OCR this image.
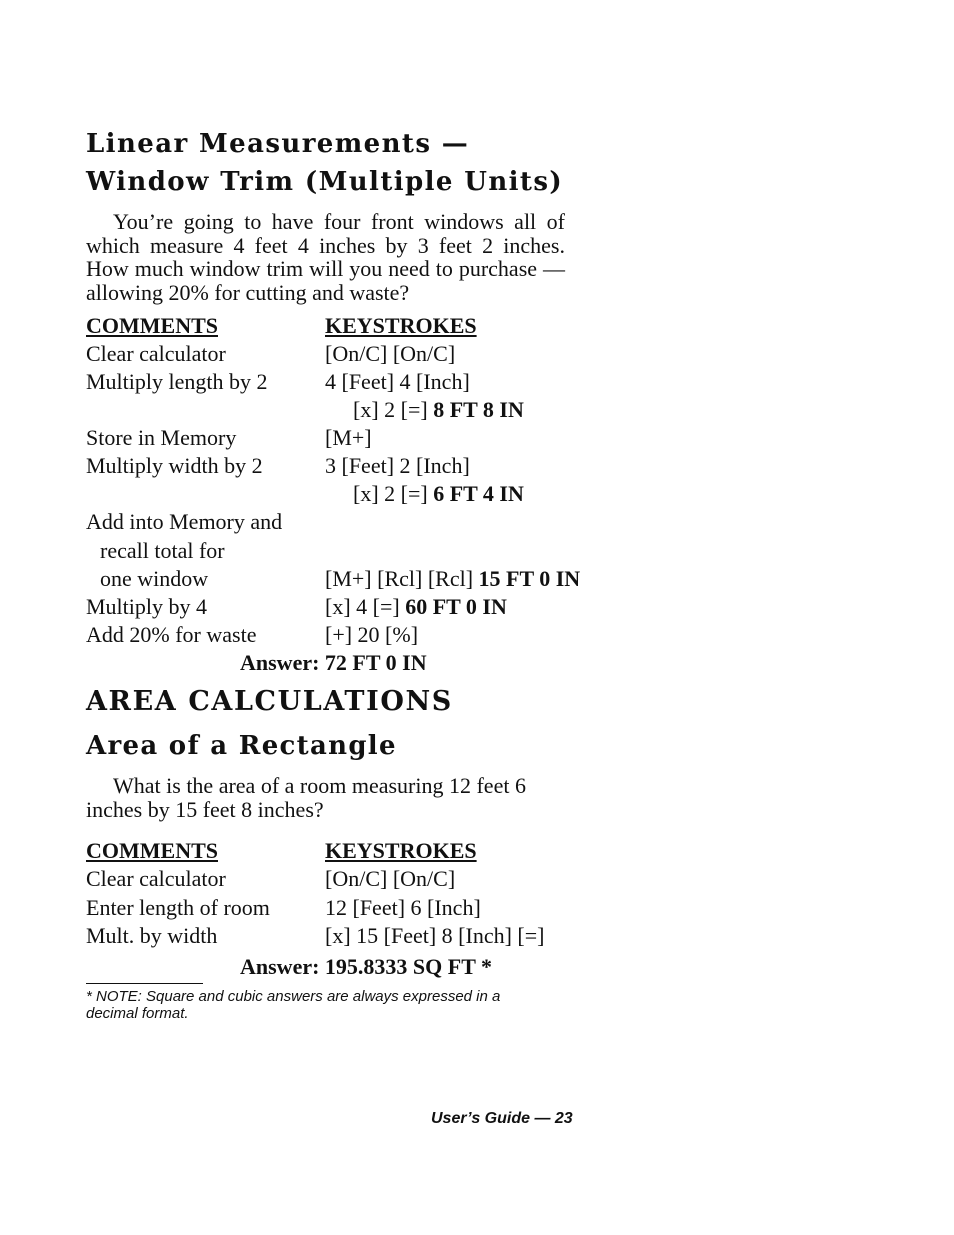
Linear Measurements —
Window Trim (Multiple Units)
You’re going to have four front windows all of which measure 4 feet 4 inches by 3 feet 2 inches. How much window trim will you need to purchase — allowing 20% for cutting and waste?
COMMENTS	KEYSTROKES
Clear calculator	[On/C] [On/C]
Multiply length by 2	4 [Feet] 4 [Inch]
[x] 2 [=] 8 FT 8 IN
Store in Memory	[M+]
Multiply width by 2	3 [Feet] 2 [Inch]
[x] 2 [=] 6 FT 4 IN
Add into Memory and
recall total for
one window	[M+] [Rcl] [Rcl] 15 FT 0 IN
Multiply by 4	[x] 4 [=] 60 FT 0 IN
Add 20% for waste	[+] 20 [%]
Answer: 72 FT 0 IN
AREA CALCULATIONS
Area of a Rectangle
What is the area of a room measuring 12 feet 6 inches by 15 feet 8 inches?
COMMENTS	KEYSTROKES
Clear calculator	[On/C] [On/C]
Enter length of room	12 [Feet] 6 [Inch]
Mult. by width	[x] 15 [Feet] 8 [Inch] [=]
Answer: 195.8333 SQ FT *
* NOTE: Square and cubic answers are always expressed in a decimal format.
User’s Guide — 23
